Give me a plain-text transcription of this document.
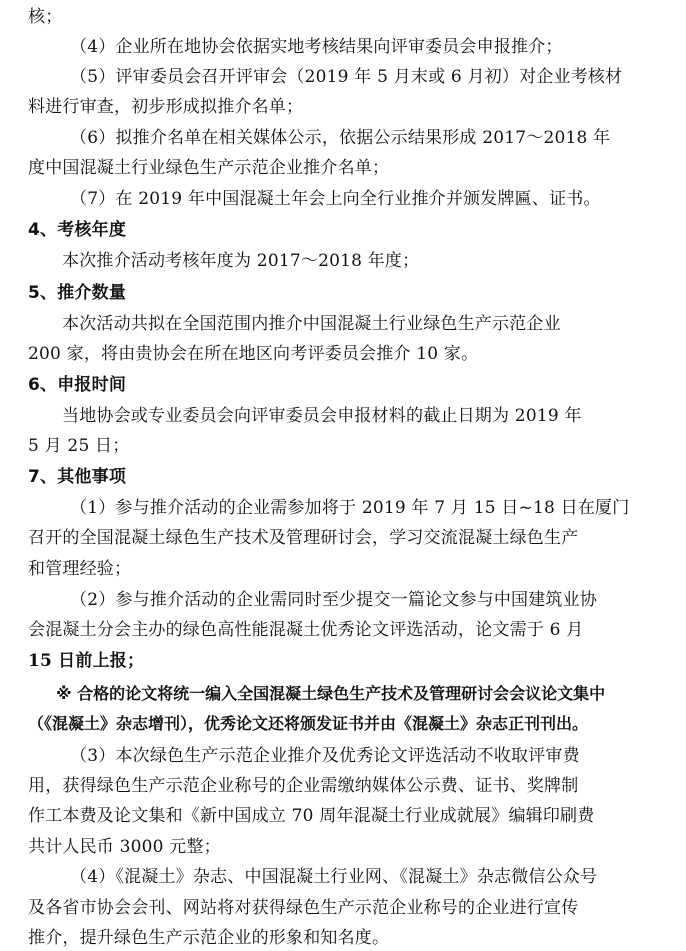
核；
（4）企业所在地协会依据实地考核结果向评审委员会申报推介；
（5）评审委员会召开评审会（2019 年 5 月末或 6 月初）对企业考核材
料进行审查，初步形成拟推介名单；
（6）拟推介名单在相关媒体公示，依据公示结果形成 2017～2018 年
度中国混凝土行业绿色生产示范企业推介名单；
（7）在 2019 年中国混凝土年会上向全行业推介并颁发牌匾、证书。
4、考核年度
本次推介活动考核年度为 2017～2018 年度；
5、推介数量
本次活动共拟在全国范围内推介中国混凝土行业绿色生产示范企业
200 家，将由贵协会在所在地区向考评委员会推介 10 家。
6、申报时间
当地协会或专业委员会向评审委员会申报材料的截止日期为 2019 年
5 月 25 日；
7、其他事项
（1）参与推介活动的企业需参加将于 2019 年 7 月 15 日~18 日在厦门
召开的全国混凝土绿色生产技术及管理研讨会，学习交流混凝土绿色生产
和管理经验；
（2）参与推介活动的企业需同时至少提交一篇论文参与中国建筑业协
会混凝土分会主办的绿色高性能混凝土优秀论文评选活动，论文需于 6 月
15 日前上报；
※ 合格的论文将统一编入全国混凝土绿色生产技术及管理研讨会会议论文集中
（《混凝土》杂志增刊），优秀论文还将颁发证书并由《混凝土》杂志正刊刊出。
（3）本次绿色生产示范企业推介及优秀论文评选活动不收取评审费
用，获得绿色生产示范企业称号的企业需缴纳媒体公示费、证书、奖牌制
作工本费及论文集和《新中国成立 70 周年混凝土行业成就展》编辑印刷费
共计人民币 3000 元整；
（4）《混凝土》杂志、中国混凝土行业网、《混凝土》杂志微信公众号
及各省市协会会刊、网站将对获得绿色生产示范企业称号的企业进行宣传
推介，提升绿色生产示范企业的形象和知名度。
